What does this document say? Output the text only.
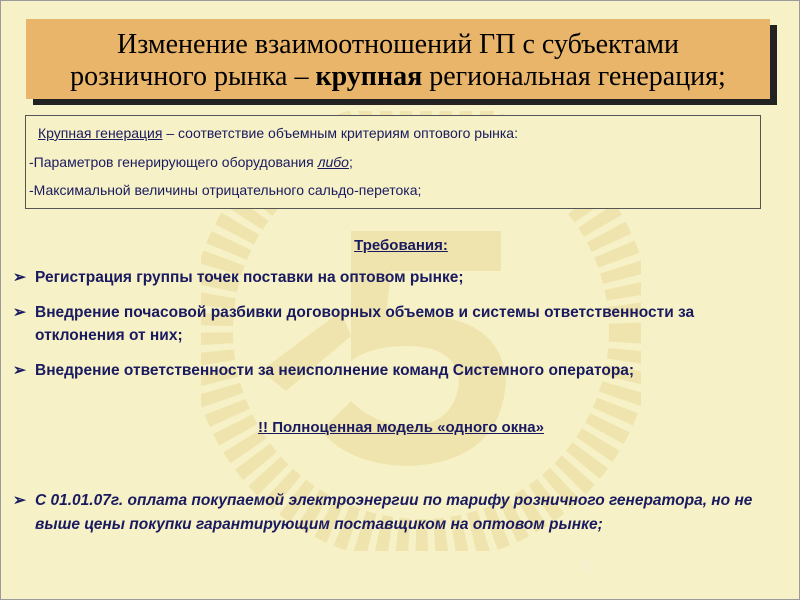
Изменение взаимоотношений ГП с субъектами
розничного рынка – крупная региональная генерация;
Крупная генерация – соответствие объемным критериям оптового рынка:
-Параметров генерирующего оборудования либо;
-Максимальной величины отрицательного сальдо-перетока;
Требования:
➢ Регистрация группы точек поставки на оптовом рынке;
➢ Внедрение почасовой разбивки договорных объемов и системы ответственности за отклонения от них;
➢ Внедрение ответственности за неисполнение команд Системного оператора;
!! Полноценная модель «одного окна»
➢ С 01.01.07г. оплата покупаемой электроэнергии по тарифу розничного генератора, но не выше цены покупки гарантирующим поставщиком на оптовом рынке;
9
